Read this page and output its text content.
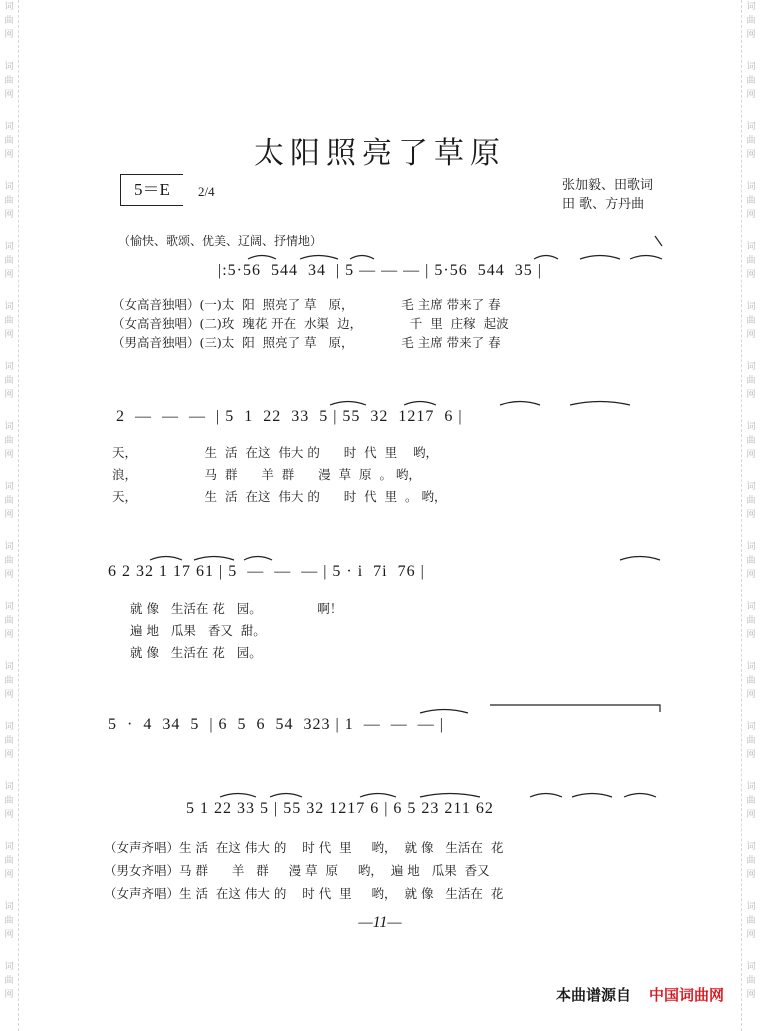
词
曲
网
词
曲
网
词
曲
网
词
曲
网
词
曲
网
词
曲
网
词
曲
网
词
曲
网
词
曲
网
词
曲
网
词
曲
网
词
曲
网
词
曲
网
词
曲
网
词
曲
网
词
曲
网
词
曲
网
词
曲
网
词
曲
网
词
曲
网
词
曲
网
词
曲
网
词
曲
网
词
曲
网
词
曲
网
词
曲
网
词
曲
网
词
曲
网
词
曲
网
词
曲
网
词
曲
网
词
曲
网
词
曲
网
词
曲
网
太阳照亮了草原
5＝E	2/4	张加毅、田歌词
田 歌、方丹曲
（愉快、歌颂、优美、辽阔、抒情地）
|:5·56  544  34  | 5 — — — | 5·56  544  35 |
（女高音独唱）(一)太  阳  照亮了 草   原，            毛 主席 带来了 春
（女高音独唱）(二)玫  瑰花 开在  水渠  边，            千  里  庄稼  起波
（男高音独唱）(三)太  阳  照亮了 草   原，            毛 主席 带来了 春
2  —  —  —  | 5  1  22  33  5 | 55  32  1217  6 |
天，                 生  活  在这  伟大 的      时  代  里    哟，
浪，                 马  群      羊  群      漫  草  原  。 哟，
天，                 生  活  在这  伟大 的      时  代  里  。 哟，
6 2 32 1 17 61 | 5  —  —  — | 5 · i  7i  76 |
就 像   生活在 花   园。              啊！
遍 地   瓜果   香又  甜。
就 像   生活在 花   园。
5  ·  4  34  5  | 6  5  6  54  323 | 1  —  —  — |
5 1 22 33 5 | 55 32 1217 6 | 6 5 23 211 62
（女声齐唱）生 活  在这 伟大 的    时 代  里     哟，  就 像   生活在  花
（男女齐唱）马 群      羊   群     漫 草  原     哟，  遍 地   瓜果  香又
（女声齐唱）生 活  在这 伟大 的    时 代  里     哟，  就 像   生活在  花
—11—
本曲谱源自 中国词曲网
